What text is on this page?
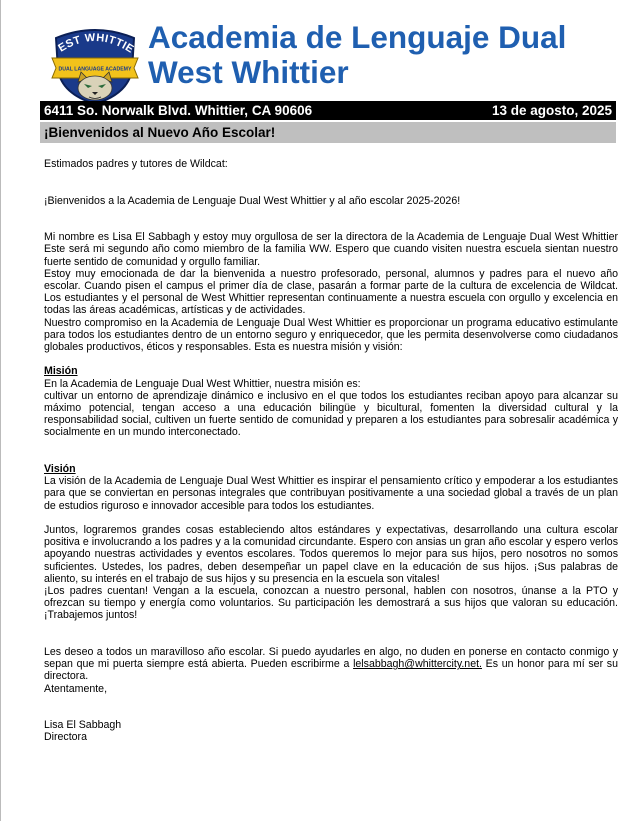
EST WHITTIE
DUAL LANGUAGE ACADEMY
Academia de Lenguaje Dual
West Whittier
6411 So. Norwalk Blvd. Whittier, CA 90606	13 de agosto, 2025
¡Bienvenidos al Nuevo Año Escolar!

Estimados padres y tutores de Wildcat:

¡Bienvenidos a la Academia de Lenguaje Dual West Whittier y al año escolar 2025-2026!

Mi nombre es Lisa El Sabbagh y estoy muy orgullosa de ser la directora de la Academia de Lenguaje Dual West Whittier Este será mi segundo año como miembro de la familia WW. Espero que cuando visiten nuestra escuela sientan nuestro fuerte sentido de comunidad y orgullo familiar.

Estoy muy emocionada de dar la bienvenida a nuestro profesorado, personal, alumnos y padres para el nuevo año escolar. Cuando pisen el campus el primer día de clase, pasarán a formar parte de la cultura de excelencia de Wildcat. Los estudiantes y el personal de West Whittier representan continuamente a nuestra escuela con orgullo y excelencia en todas las áreas académicas, artísticas y de actividades.

Nuestro compromiso en la Academia de Lenguaje Dual West Whittier es proporcionar un programa educativo estimulante para todos los estudiantes dentro de un entorno seguro y enriquecedor, que les permita desenvolverse como ciudadanos globales productivos, éticos y responsables. Esta es nuestra misión y visión:

Misión

En la Academia de Lenguaje Dual West Whittier, nuestra misión es:

cultivar un entorno de aprendizaje dinámico e inclusivo en el que todos los estudiantes reciban apoyo para alcanzar su máximo potencial, tengan acceso a una educación bilingüe y bicultural, fomenten la diversidad cultural y la responsabilidad social, cultiven un fuerte sentido de comunidad y preparen a los estudiantes para sobresalir académica y socialmente en un mundo interconectado.

Visión

La visión de la Academia de Lenguaje Dual West Whittier es inspirar el pensamiento crítico y empoderar a los estudiantes para que se conviertan en personas integrales que contribuyan positivamente a una sociedad global a través de un plan de estudios riguroso e innovador accesible para todos los estudiantes.

Juntos, lograremos grandes cosas estableciendo altos estándares y expectativas, desarrollando una cultura escolar positiva e involucrando a los padres y a la comunidad circundante. Espero con ansias un gran año escolar y espero verlos apoyando nuestras actividades y eventos escolares. Todos queremos lo mejor para sus hijos, pero nosotros no somos suficientes. Ustedes, los padres, deben desempeñar un papel clave en la educación de sus hijos. ¡Sus palabras de aliento, su interés en el trabajo de sus hijos y su presencia en la escuela son vitales!

¡Los padres cuentan! Vengan a la escuela, conozcan a nuestro personal, hablen con nosotros, únanse a la PTO y ofrezcan su tiempo y energía como voluntarios. Su participación les demostrará a sus hijos que valoran su educación. ¡Trabajemos juntos!

Les deseo a todos un maravilloso año escolar. Si puedo ayudarles en algo, no duden en ponerse en contacto conmigo y sepan que mi puerta siempre está abierta. Pueden escribirme a lelsabbagh@whittercity.net. Es un honor para mí ser su directora.

Atentamente,

Lisa El Sabbagh

Directora
